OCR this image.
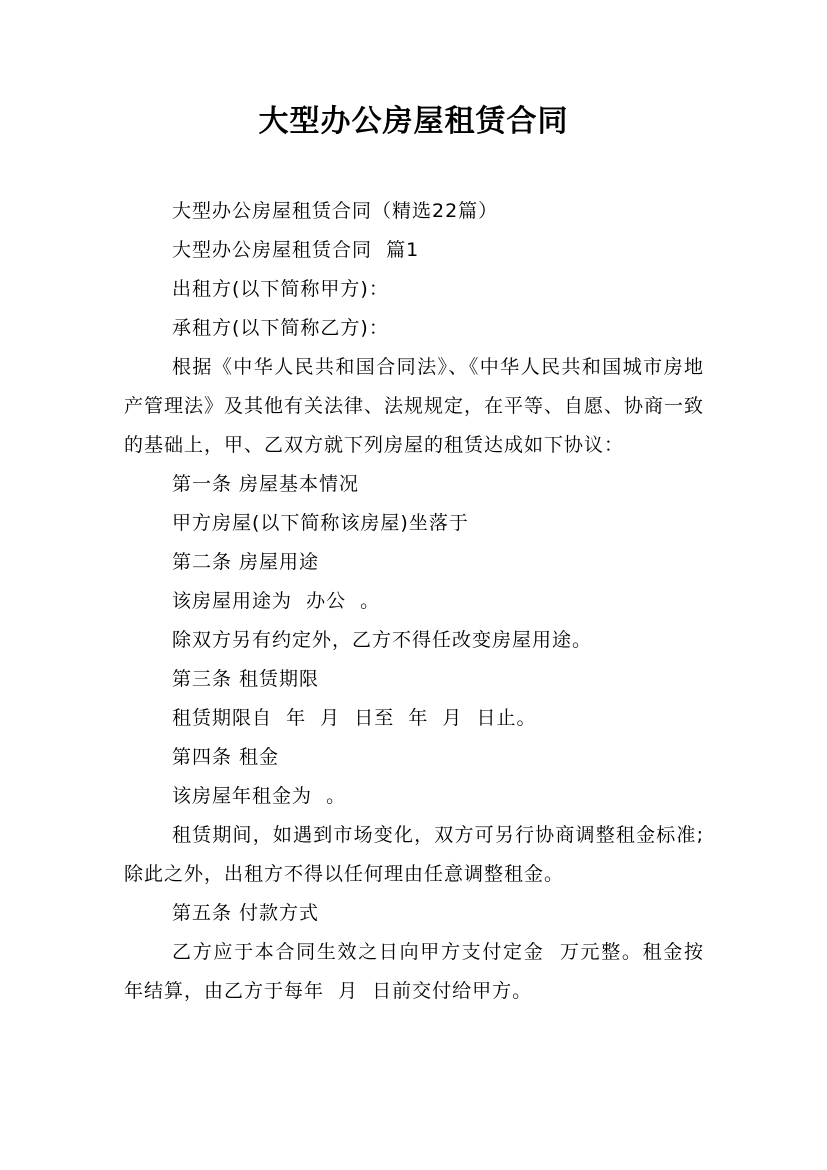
大型办公房屋租赁合同

大型办公房屋租赁合同（精选22篇）

大型办公房屋租赁合同  篇1

出租方(以下简称甲方)：

承租方(以下简称乙方)：

根据《中华人民共和国合同法》、《中华人民共和国城市房地产管理法》及其他有关法律、法规规定，在平等、自愿、协商一致的基础上，甲、乙双方就下列房屋的租赁达成如下协议：

第一条 房屋基本情况

甲方房屋(以下简称该房屋)坐落于

第二条 房屋用途

该房屋用途为  办公  。

除双方另有约定外，乙方不得任改变房屋用途。

第三条 租赁期限

租赁期限自  年  月  日至  年  月  日止。

第四条 租金

该房屋年租金为  。

租赁期间，如遇到市场变化，双方可另行协商调整租金标准;除此之外，出租方不得以任何理由任意调整租金。

第五条 付款方式

乙方应于本合同生效之日向甲方支付定金  万元整。租金按年结算，由乙方于每年  月  日前交付给甲方。
